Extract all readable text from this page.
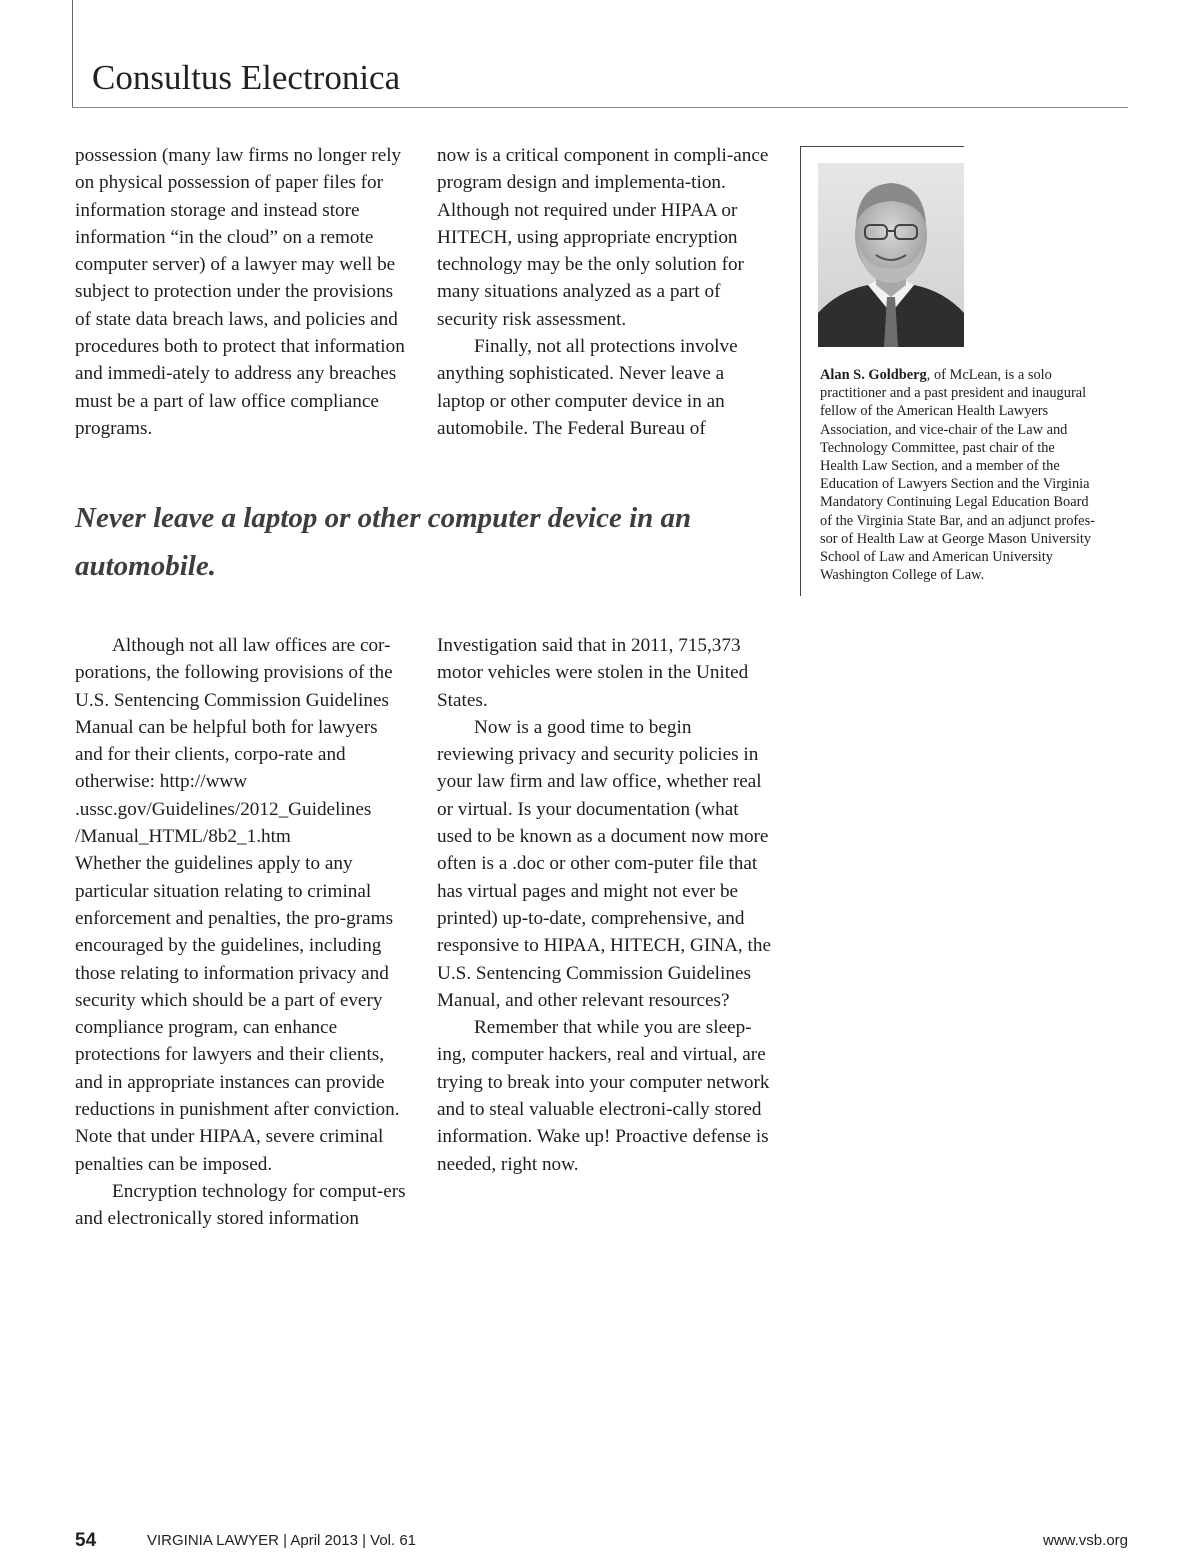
Consultus Electronica

possession (many law firms no longer rely on physical possession of paper files for information storage and instead store information “in the cloud” on a remote computer server) of a lawyer may well be subject to protection under the provisions of state data breach laws, and policies and procedures both to protect that information and immedi-ately to address any breaches must be a part of law office compliance programs.

now is a critical component in compli-ance program design and implementa-tion. Although not required under HIPAA or HITECH, using appropriate encryption technology may be the only solution for many situations analyzed as a part of security risk assessment.

Finally, not all protections involve anything sophisticated. Never leave a laptop or other computer device in an automobile. The Federal Bureau of

Never leave a laptop or other computer device in an automobile.

Although not all law offices are cor-porations, the following provisions of the U.S. Sentencing Commission Guidelines Manual can be helpful both for lawyers and for their clients, corpo-rate and otherwise: http://www .ussc.gov/Guidelines/2012_Guidelines /Manual_HTML/8b2_1.htm

Whether the guidelines apply to any particular situation relating to criminal enforcement and penalties, the pro-grams encouraged by the guidelines, including those relating to information privacy and security which should be a part of every compliance program, can enhance protections for lawyers and their clients, and in appropriate instances can provide reductions in punishment after conviction. Note that under HIPAA, severe criminal penalties can be imposed.

Encryption technology for comput-ers and electronically stored information

Investigation said that in 2011, 715,373 motor vehicles were stolen in the United States.

Now is a good time to begin reviewing privacy and security policies in your law firm and law office, whether real or virtual. Is your documentation (what used to be known as a document now more often is a .doc or other com-puter file that has virtual pages and might not ever be printed) up-to-date, comprehensive, and responsive to HIPAA, HITECH, GINA, the U.S. Sentencing Commission Guidelines Manual, and other relevant resources?

Remember that while you are sleep-ing, computer hackers, real and virtual, are trying to break into your computer network and to steal valuable electroni-cally stored information. Wake up! Proactive defense is needed, right now.

Alan S. Goldberg, of McLean, is a solo practitioner and a past president and inaugural fellow of the American Health Lawyers Association, and vice-chair of the Law and Technology Committee, past chair of the Health Law Section, and a member of the Education of Lawyers Section and the Virginia Mandatory Continuing Legal Education Board of the Virginia State Bar, and an adjunct profes-sor of Health Law at George Mason University School of Law and American University Washington College of Law.
54	VIRGINIA LAWYER | April 2013 | Vol. 61	www.vsb.org
